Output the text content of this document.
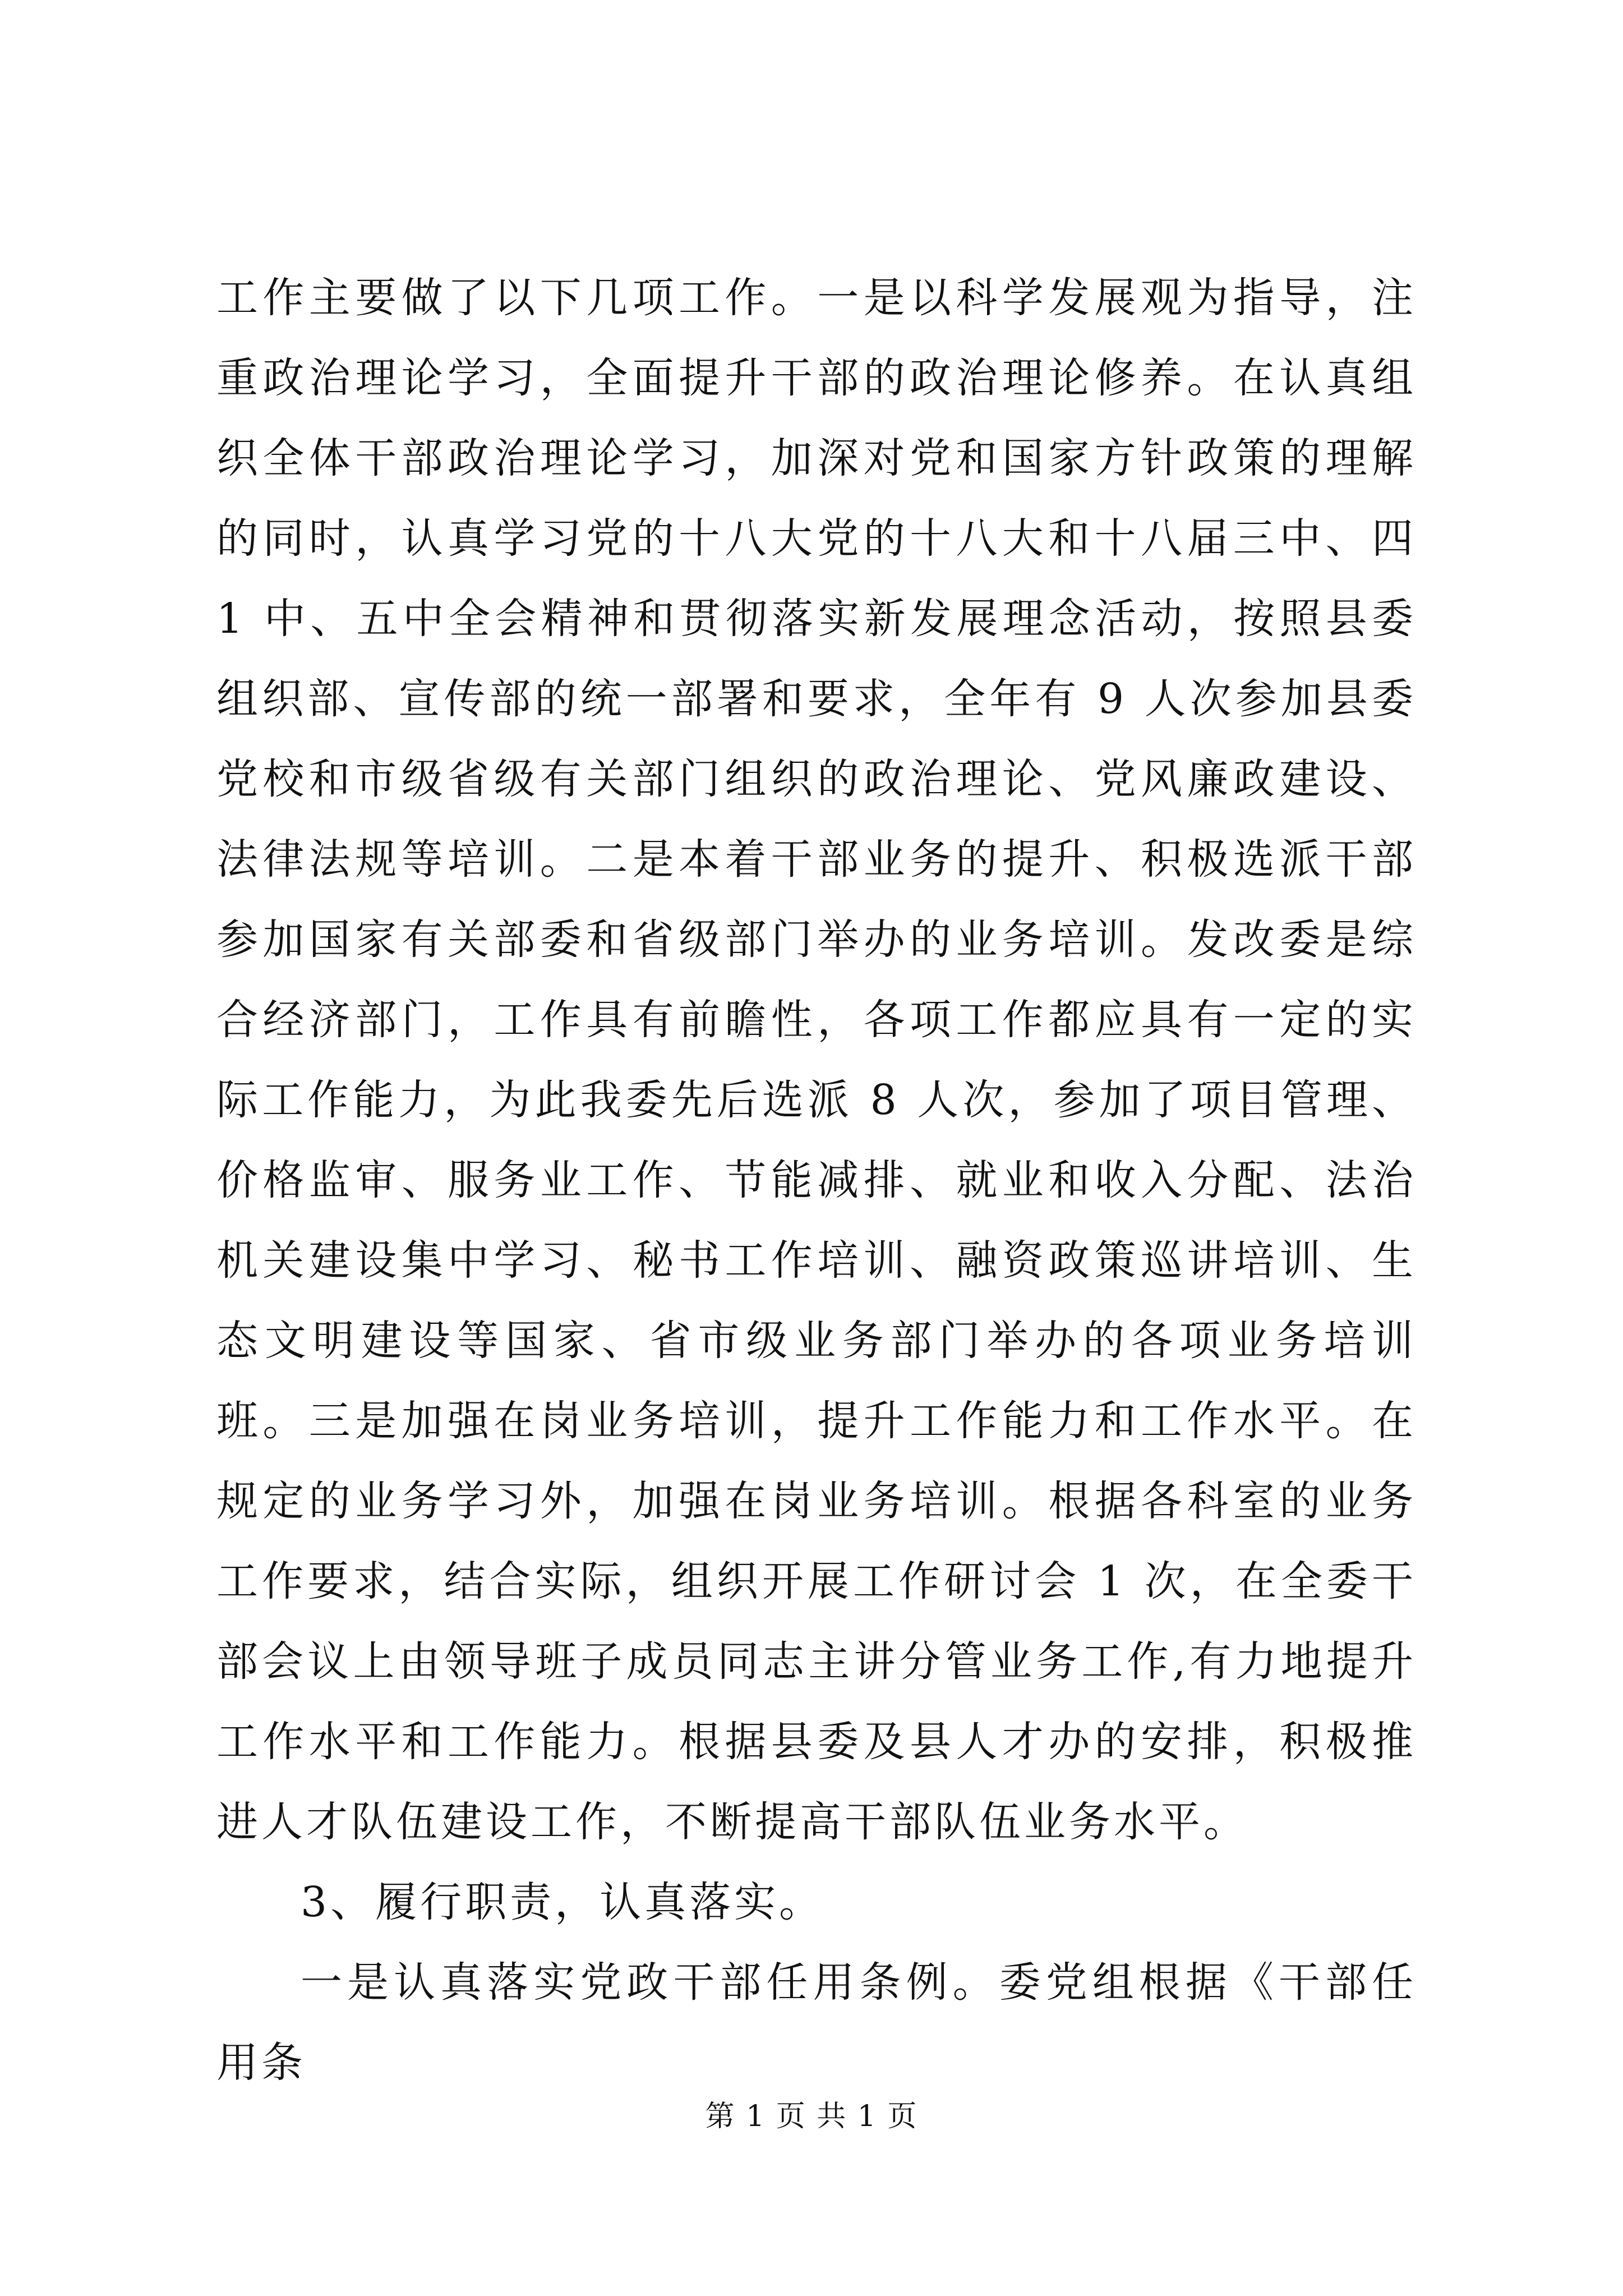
工作主要做了以下几项工作。一是以科学发展观为指导，注重政治理论学习，全面提升干部的政治理论修养。在认真组织全体干部政治理论学习，加深对党和国家方针政策的理解的同时，认真学习党的十八大党的十八大和十八届三中、四 1 中、五中全会精神和贯彻落实新发展理念活动，按照县委组织部、宣传部的统一部署和要求，全年有 9 人次参加县委党校和市级省级有关部门组织的政治理论、党风廉政建设、法律法规等培训。二是本着干部业务的提升、积极选派干部参加国家有关部委和省级部门举办的业务培训。发改委是综合经济部门，工作具有前瞻性，各项工作都应具有一定的实际工作能力，为此我委先后选派 8 人次，参加了项目管理、价格监审、服务业工作、节能减排、就业和收入分配、法治机关建设集中学习、秘书工作培训、融资政策巡讲培训、生态文明建设等国家、省市级业务部门举办的各项业务培训班。三是加强在岗业务培训，提升工作能力和工作水平。在规定的业务学习外，加强在岗业务培训。根据各科室的业务工作要求，结合实际，组织开展工作研讨会 1 次，在全委干部会议上由领导班子成员同志主讲分管业务工作,有力地提升工作水平和工作能力。根据县委及县人才办的安排，积极推进人才队伍建设工作，不断提高干部队伍业务水平。

3、履行职责，认真落实。

一是认真落实党政干部任用条例。委党组根据《干部任用条

第 1 页 共 1 页
